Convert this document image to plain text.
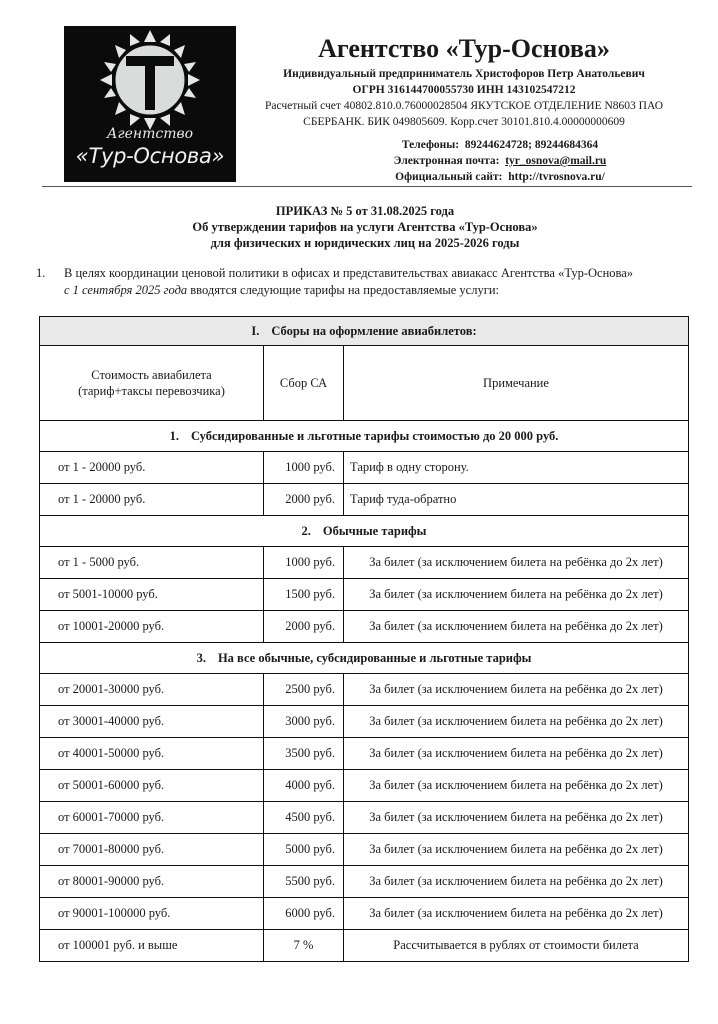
Агентство
«Тур-Основа»
Агентство «Тур-Основа»
Индивидуальный предприниматель Христофоров Петр Анатольевич
ОГРН 316144700055730 ИНН 143102547212
Расчетный счет 40802.810.0.76000028504 ЯКУТСКОЕ ОТДЕЛЕНИЕ N8603 ПАО
СБЕРБАНК. БИК 049805609. Корр.счет 30101.810.4.00000000609
Телефоны: 89244624728; 89244684364
Электронная почта: tyr_osnova@mail.ru
Официальный сайт: http://tvrosnova.ru/
ПРИКАЗ № 5 от 31.08.2025 года
Об утверждении тарифов на услуги Агентства «Тур-Основа»
для физических и юридических лиц на 2025-2026 годы
1. В целях координации ценовой политики в офисах и представительствах авиакасс Агентства «Тур-Основа»
с 1 сентября 2025 года вводятся следующие тарифы на предоставляемые услуги:
I. Сборы на оформление авиабилетов:		

Стоимость авиабилета
(тариф+таксы перевозчика)	Сбор СА	Примечание
1. Субсидированные и льготные тарифы стоимостью до 20 000 руб.		
от 1 - 20000 руб.	1000 руб.	Тариф в одну сторону.
от 1 - 20000 руб.	2000 руб.	Тариф туда-обратно
2. Обычные тарифы		
от 1 - 5000 руб.	1000 руб.	За билет (за исключением билета на ребёнка до 2х лет)
от 5001-10000 руб.	1500 руб.	За билет (за исключением билета на ребёнка до 2х лет)
от 10001-20000 руб.	2000 руб.	За билет (за исключением билета на ребёнка до 2х лет)
3. На все обычные, субсидированные и льготные тарифы		
от 20001-30000 руб.	2500 руб.	За билет (за исключением билета на ребёнка до 2х лет)
от 30001-40000 руб.	3000 руб.	За билет (за исключением билета на ребёнка до 2х лет)
от 40001-50000 руб.	3500 руб.	За билет (за исключением билета на ребёнка до 2х лет)
от 50001-60000 руб.	4000 руб.	За билет (за исключением билета на ребёнка до 2х лет)
от 60001-70000 руб.	4500 руб.	За билет (за исключением билета на ребёнка до 2х лет)
от 70001-80000 руб.	5000 руб.	За билет (за исключением билета на ребёнка до 2х лет)
от 80001-90000 руб.	5500 руб.	За билет (за исключением билета на ребёнка до 2х лет)
от 90001-100000 руб.	6000 руб.	За билет (за исключением билета на ребёнка до 2х лет)
от 100001 руб. и выше	7 %	Рассчитывается в рублях от стоимости билета
